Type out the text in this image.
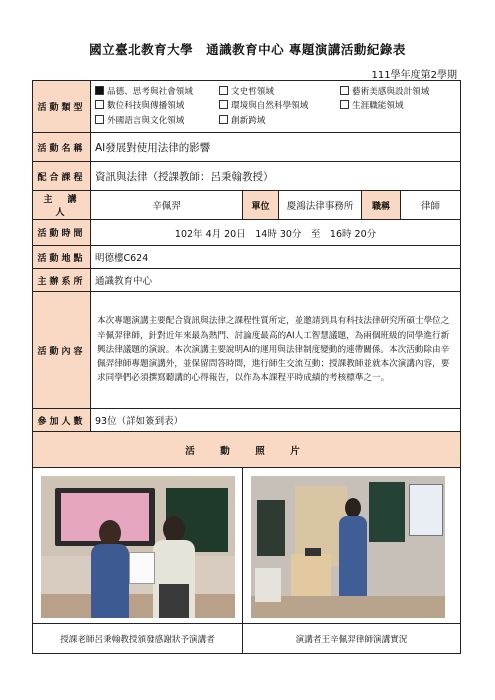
國立臺北教育大學　通識教育中心 專題演講活動紀錄表
111學年度第2學期
活動類型	品德、思考與社會領域 文史哲領域 藝術美感與設計領域
數位科技與傳播領域 環境與自然科學領域 生涯職能領域
外國語言與文化領域 創新跨域				

活動名稱	AI發展對使用法律的影響				
配合課程	資訊與法律（授課教師：呂秉翰教授）				
主　講　人	辛佩羿	單位	慶鴻法律事務所	職稱	律師
活動時間	102年 4月 20日　14時 30分　至　16時 20分				
活動地點	明德樓C624				
主辦系所	通識教育中心				
活動內容	本次專題演講主要配合資訊與法律之課程性質所定，並邀請到具有科技法律研究所碩士學位之辛佩羿律師，針對近年來最為熱門、討論度最高的AI人工智慧議題，為兩個班級的同學進行新興法律議題的演說。本次演講主要說明AI的運用與法律制度變動的連帶關係。本次活動除由辛佩羿律師專題演講外，並保留問答時間，進行師生交流互動；授課教師並就本次演講內容，要求同學們必須撰寫聽講的心得報告，以作為本課程平時成績的考核標準之一。				
參加人數	93位（詳如簽到表）				
活　動　照　片					

授課老師呂秉翰教授頒發感謝狀予演講者		演講者王辛佩羿律師演講實況			
